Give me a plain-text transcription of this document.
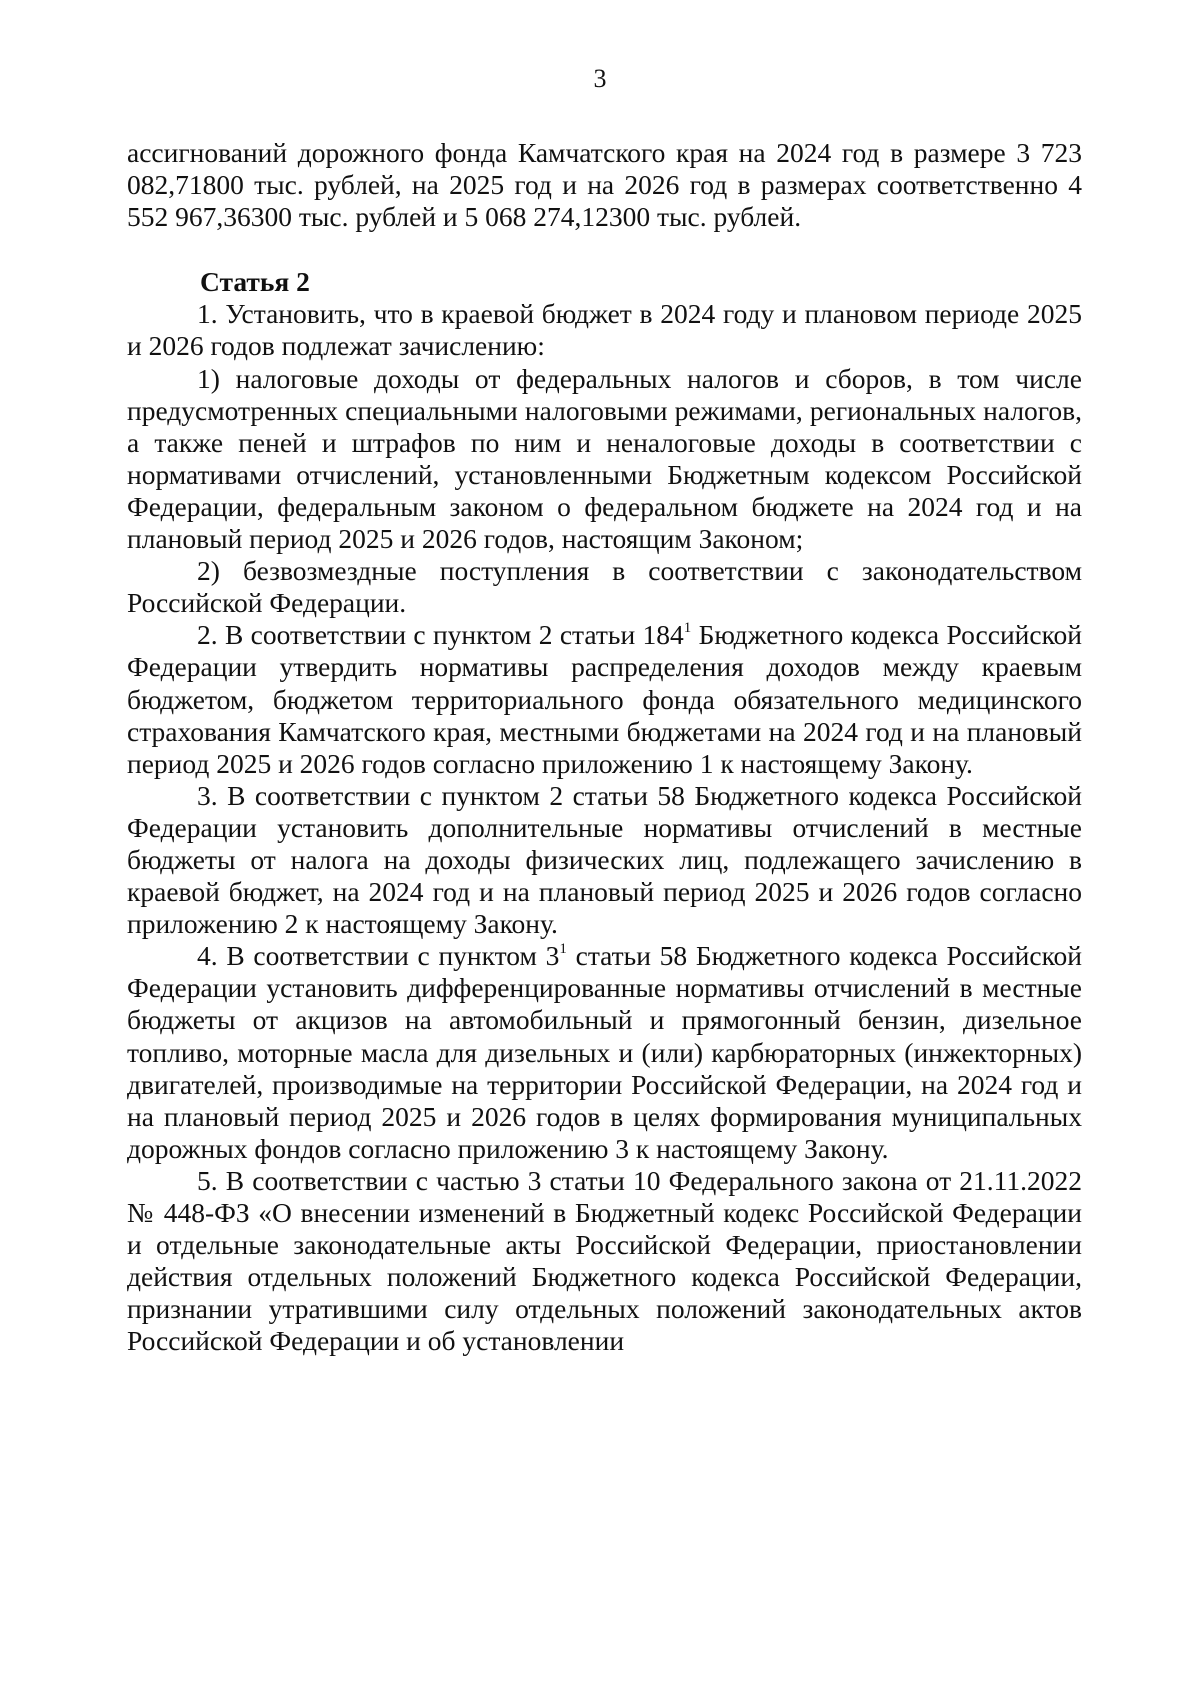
3

ассигнований дорожного фонда Камчатского края на 2024 год в размере 3 723 082,71800 тыс. рублей, на 2025 год и на 2026 год в размерах соответственно 4 552 967,36300 тыс. рублей и 5 068 274,12300 тыс. рублей.

Статья 2

1. Установить, что в краевой бюджет в 2024 году и плановом периоде 2025 и 2026 годов подлежат зачислению:

1) налоговые доходы от федеральных налогов и сборов, в том числе предусмотренных специальными налоговыми режимами, региональных налогов, а также пеней и штрафов по ним и неналоговые доходы в соответствии с нормативами отчислений, установленными Бюджетным кодексом Российской Федерации, федеральным законом о федеральном бюджете на 2024 год и на плановый период 2025 и 2026 годов, настоящим Законом;

2) безвозмездные поступления в соответствии с законодательством Российской Федерации.

2. В соответствии с пунктом 2 статьи $184^1$ Бюджетного кодекса Российской Федерации утвердить нормативы распределения доходов между краевым бюджетом, бюджетом территориального фонда обязательного медицинского страхования Камчатского края, местными бюджетами на 2024 год и на плановый период 2025 и 2026 годов согласно приложению 1 к настоящему Закону.

3. В соответствии с пунктом 2 статьи 58 Бюджетного кодекса Российской Федерации установить дополнительные нормативы отчислений в местные бюджеты от налога на доходы физических лиц, подлежащего зачислению в краевой бюджет, на 2024 год и на плановый период 2025 и 2026 годов согласно приложению 2 к настоящему Закону.

4. В соответствии с пунктом $3^1$ статьи 58 Бюджетного кодекса Российской Федерации установить дифференцированные нормативы отчислений в местные бюджеты от акцизов на автомобильный и прямогонный бензин, дизельное топливо, моторные масла для дизельных и (или) карбюраторных (инжекторных) двигателей, производимые на территории Российской Федерации, на 2024 год и на плановый период 2025 и 2026 годов в целях формирования муниципальных дорожных фондов согласно приложению 3 к настоящему Закону.

5. В соответствии с частью 3 статьи 10 Федерального закона от 21.11.2022 № 448-ФЗ «О внесении изменений в Бюджетный кодекс Российской Федерации и отдельные законодательные акты Российской Федерации, приостановлении действия отдельных положений Бюджетного кодекса Российской Федерации, признании утратившими силу отдельных положений законодательных актов Российской Федерации и об установлении
